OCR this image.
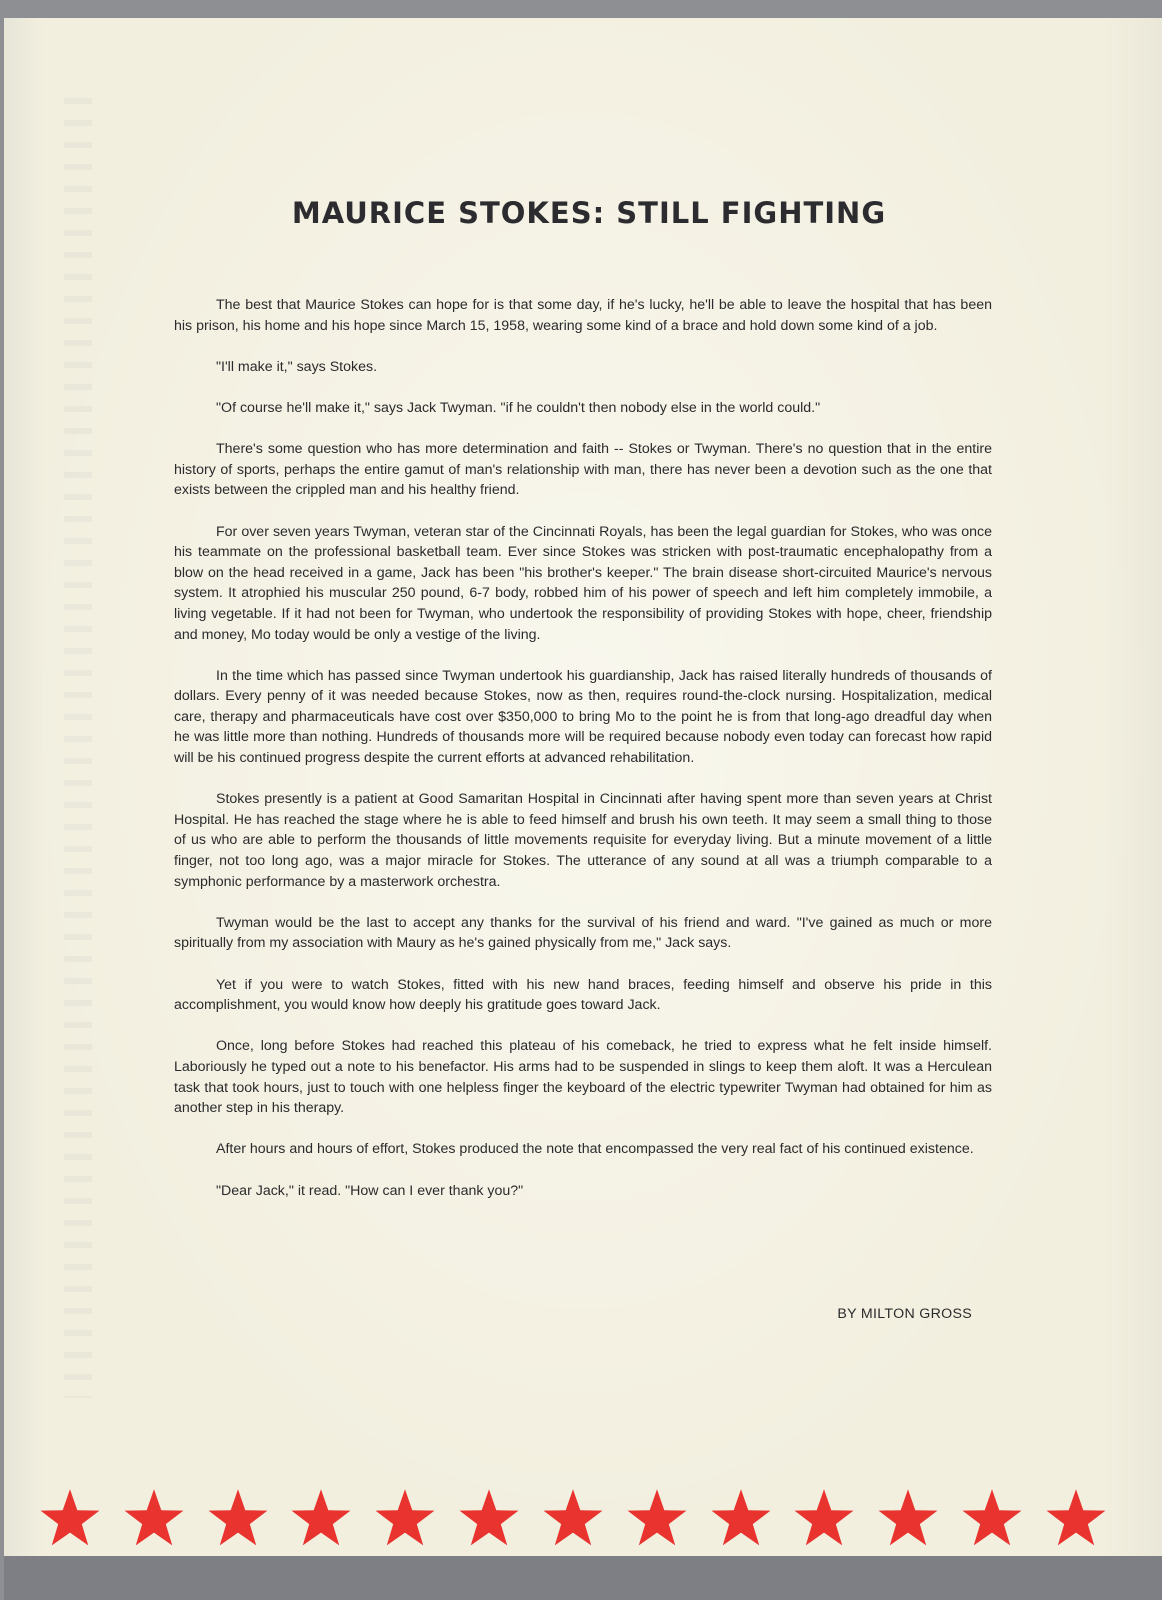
MAURICE STOKES: STILL FIGHTING

The best that Maurice Stokes can hope for is that some day, if he's lucky, he'll be able to leave the hospital that has been his prison, his home and his hope since March 15, 1958, wearing some kind of a brace and hold down some kind of a job.

"I'll make it," says Stokes.

"Of course he'll make it," says Jack Twyman. "if he couldn't then nobody else in the world could."

There's some question who has more determination and faith -- Stokes or Twyman. There's no question that in the entire history of sports, perhaps the entire gamut of man's relationship with man, there has never been a devotion such as the one that exists between the crippled man and his healthy friend.

For over seven years Twyman, veteran star of the Cincinnati Royals, has been the legal guardian for Stokes, who was once his teammate on the professional basketball team. Ever since Stokes was stricken with post-traumatic encephalopathy from a blow on the head received in a game, Jack has been "his brother's keeper." The brain disease short-circuited Maurice's nervous system. It atrophied his muscular 250 pound, 6-7 body, robbed him of his power of speech and left him completely immobile, a living vegetable. If it had not been for Twyman, who undertook the responsibility of providing Stokes with hope, cheer, friendship and money, Mo today would be only a vestige of the living.

In the time which has passed since Twyman undertook his guardianship, Jack has raised literally hundreds of thousands of dollars. Every penny of it was needed because Stokes, now as then, requires round-the-clock nursing. Hospitalization, medical care, therapy and pharmaceuticals have cost over $350,000 to bring Mo to the point he is from that long-ago dreadful day when he was little more than nothing. Hundreds of thousands more will be required because nobody even today can forecast how rapid will be his continued progress despite the current efforts at advanced rehabilitation.

Stokes presently is a patient at Good Samaritan Hospital in Cincinnati after having spent more than seven years at Christ Hospital. He has reached the stage where he is able to feed himself and brush his own teeth. It may seem a small thing to those of us who are able to perform the thousands of little movements requisite for everyday living. But a minute movement of a little finger, not too long ago, was a major miracle for Stokes. The utterance of any sound at all was a triumph comparable to a symphonic performance by a masterwork orchestra.

Twyman would be the last to accept any thanks for the survival of his friend and ward. "I've gained as much or more spiritually from my association with Maury as he's gained physically from me," Jack says.

Yet if you were to watch Stokes, fitted with his new hand braces, feeding himself and observe his pride in this accomplishment, you would know how deeply his gratitude goes toward Jack.

Once, long before Stokes had reached this plateau of his comeback, he tried to express what he felt inside himself. Laboriously he typed out a note to his benefactor. His arms had to be suspended in slings to keep them aloft. It was a Herculean task that took hours, just to touch with one helpless finger the keyboard of the electric typewriter Twyman had obtained for him as another step in his therapy.

After hours and hours of effort, Stokes produced the note that encompassed the very real fact of his continued existence.

"Dear Jack," it read. "How can I ever thank you?"

BY MILTON GROSS
